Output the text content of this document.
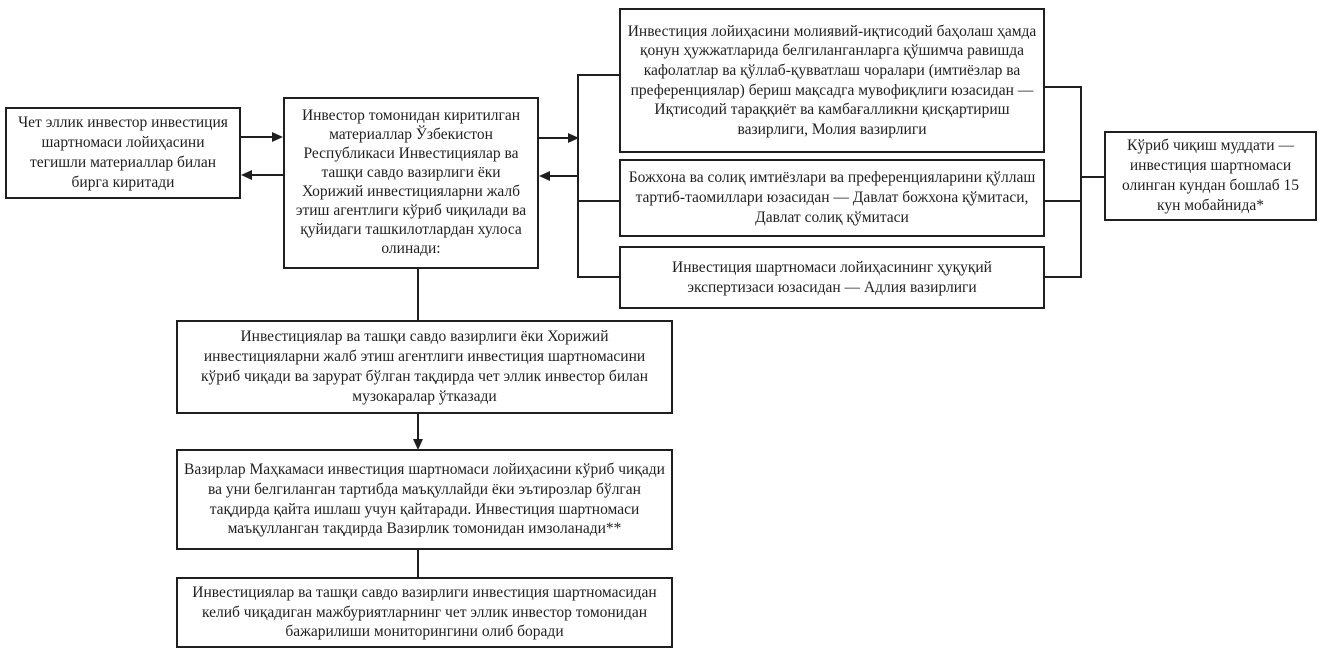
Чет эллик инвестор инвестиция шартномаси лойиҳасини тегишли материаллар билан бирга киритади
Инвестор томонидан киритилган материаллар Ўзбекистон Республикаси Инвестициялар ва ташқи савдо вазирлиги ёки Хорижий инвестицияларни жалб этиш агентлиги кўриб чиқилади ва қуйидаги ташкилотлардан хулоса олинади:
Инвестиция лойиҳасини молиявий-иқтисодий баҳолаш ҳамда қонун ҳужжатларида белгиланганларга қўшимча равишда кафолатлар ва қўллаб-қувватлаш чоралари (имтиёзлар ва преференциялар) бериш мақсадга мувофиқлиги юзасидан — Иқтисодий тараққиёт ва камбағалликни қисқартириш вазирлиги, Молия вазирлиги
Божхона ва солиқ имтиёзлари ва преференцияларини қўллаш тартиб-таомиллари юзасидан — Давлат божхона қўмитаси, Давлат солиқ қўмитаси
Инвестиция шартномаси лойиҳасининг ҳуқуқий экспертизаси юзасидан — Адлия вазирлиги
Кўриб чиқиш муддати — инвестиция шартномаси олинган кундан бошлаб 15 кун мобайнида*
Инвестициялар ва ташқи савдо вазирлиги ёки Хорижий инвестицияларни жалб этиш агентлиги инвестиция шартномасини кўриб чиқади ва зарурат бўлган тақдирда чет эллик инвестор билан музокаралар ўтказади
Вазирлар Маҳкамаси инвестиция шартномаси лойиҳасини кўриб чиқади ва уни белгиланган тартибда маъқуллайди ёки эътирозлар бўлган тақдирда қайта ишлаш учун қайтаради. Инвестиция шартномаси маъқулланган тақдирда Вазирлик томонидан имзоланади**
Инвестициялар ва ташқи савдо вазирлиги инвестиция шартномасидан келиб чиқадиган мажбуриятларнинг чет эллик инвестор томонидан бажарилиши мониторингини олиб боради
